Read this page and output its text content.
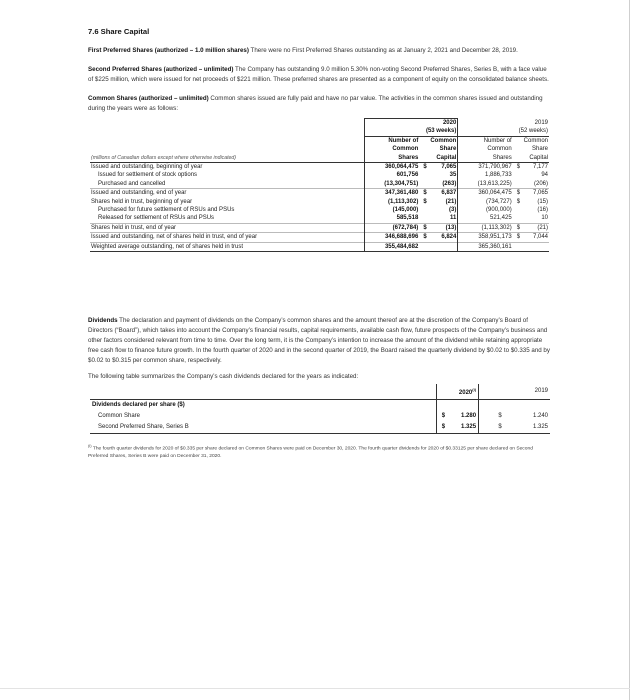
7.6 Share Capital

First Preferred Shares (authorized – 1.0 million shares) There were no First Preferred Shares outstanding as at January 2, 2021 and December 28, 2019.

Second Preferred Shares (authorized – unlimited) The Company has outstanding 9.0 million 5.30% non-voting Second Preferred Shares, Series B, with a face value of $225 million, which were issued for net proceeds of $221 million. These preferred shares are presented as a component of equity on the consolidated balance sheets.

Common Shares (authorized – unlimited) Common shares issued are fully paid and have no par value. The activities in the common shares issued and outstanding during the years were as follows:

	2020			2019		
	(53 weeks)			(52 weeks)		
	Number of		Common	Number of		Common
	Common		Share	Common		Share
(millions of Canadian dollars except where otherwise indicated)	Shares		Capital	Shares		Capital
Issued and outstanding, beginning of year	360,064,475	$	7,065	371,790,967	$	7,177
Issued for settlement of stock options	601,756		35	1,886,733		94
Purchased and cancelled	(13,304,751)		(263)	(13,613,225)		(206)
Issued and outstanding, end of year	347,361,480	$	6,837	360,064,475	$	7,065
Shares held in trust, beginning of year	(1,113,302)	$	(21)	(734,727)	$	(15)
Purchased for future settlement of RSUs and PSUs	(145,000)		(3)	(900,000)		(16)
Released for settlement of RSUs and PSUs	585,518		11	521,425		10
Shares held in trust, end of year	(672,784)	$	(13)	(1,113,302)	$	(21)
Issued and outstanding, net of shares held in trust, end of year	346,688,696	$	6,824	358,951,173	$	7,044
Weighted average outstanding, net of shares held in trust	355,484,682			365,360,161		

Dividends The declaration and payment of dividends on the Company’s common shares and the amount thereof are at the discretion of the Company’s Board of Directors (“Board”), which takes into account the Company’s financial results, capital requirements, available cash flow, future prospects of the Company’s business and other factors considered relevant from time to time. Over the long term, it is the Company’s intention to increase the amount of the dividend while retaining appropriate free cash flow to finance future growth. In the fourth quarter of 2020 and in the second quarter of 2019, the Board raised the quarterly dividend by $0.02 to $0.335 and by $0.02 to $0.315 per common share, respectively.

The following table summarizes the Company’s cash dividends declared for the years as indicated:

		2020$^{(i)}$		2019
Dividends declared per share ($)				
Common Share	$	1.280	$	1.240
Second Preferred Share, Series B	$	1.325	$	1.325
$^{(i)}$ The fourth quarter dividends for 2020 of $0.335 per share declared on Common Shares were paid on December 30, 2020. The fourth quarter dividends for 2020 of $0.33125 per share declared on Second Preferred Shares, Series B were paid on December 31, 2020.
